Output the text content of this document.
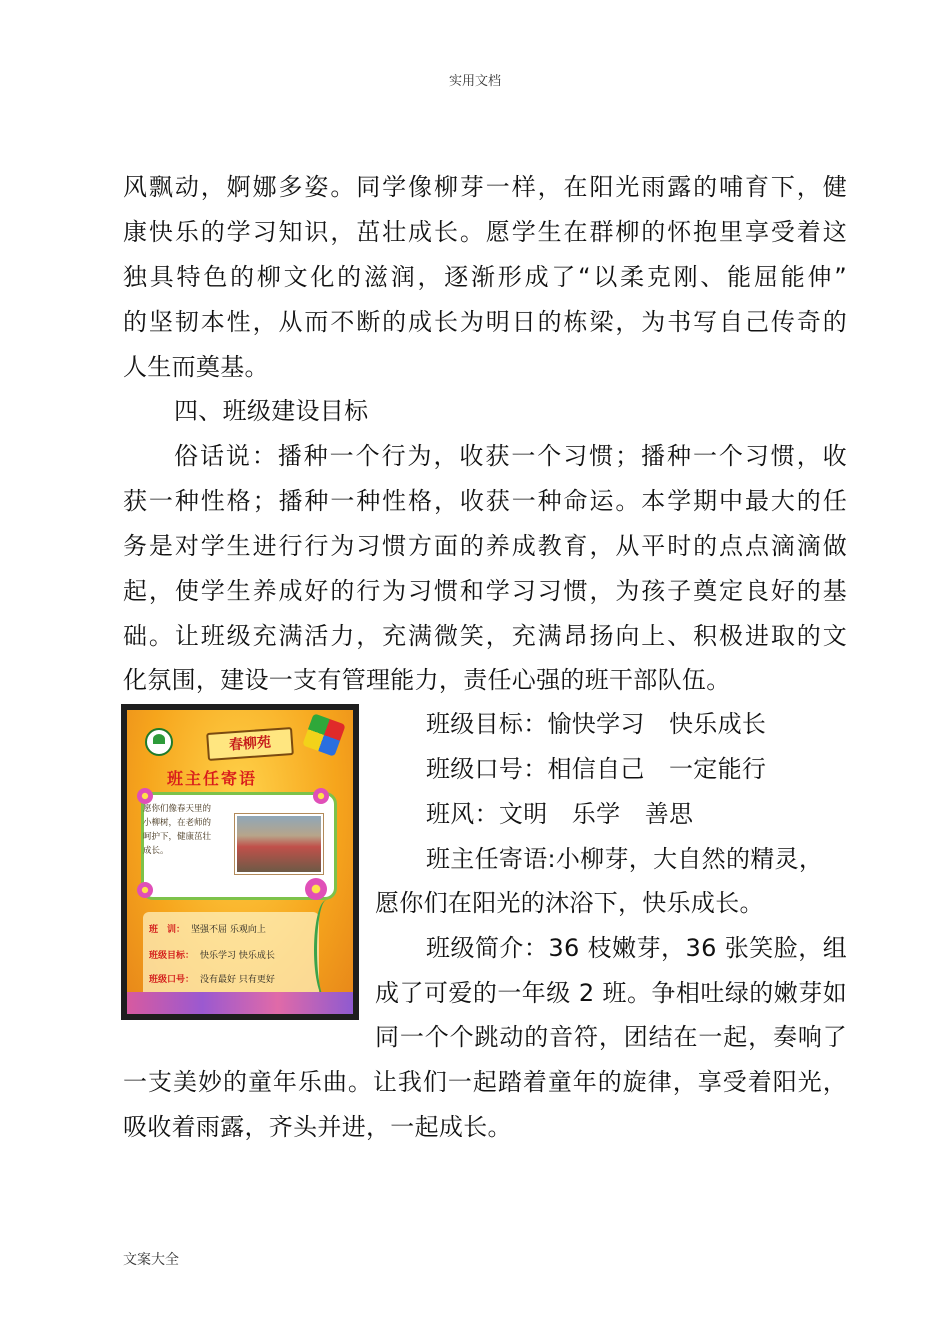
实用文档
风飘动，婀娜多姿。同学像柳芽一样，在阳光雨露的哺育下，健
康快乐的学习知识，茁壮成长。愿学生在群柳的怀抱里享受着这
独具特色的柳文化的滋润，逐渐形成了“以柔克刚、能屈能伸”
的坚韧本性，从而不断的成长为明日的栋梁，为书写自己传奇的
人生而奠基。
四、班级建设目标
俗话说：播种一个行为，收获一个习惯；播种一个习惯，收
获一种性格；播种一种性格，收获一种命运。本学期中最大的任
务是对学生进行行为习惯方面的养成教育，从平时的点点滴滴做
起，使学生养成好的行为习惯和学习习惯，为孩子奠定良好的基
础。让班级充满活力，充满微笑，充满昂扬向上、积极进取的文
化氛围，建设一支有管理能力，责任心强的班干部队伍。
春柳苑
班主任寄语
愿你们像春天里的小柳树，在老师的呵护下，健康茁壮成长。
班　训： 坚强不屈 乐观向上
班级目标： 快乐学习 快乐成长
班级口号： 没有最好 只有更好
班级目标：愉快学习　快乐成长
班级口号：相信自己　一定能行
班风：文明　乐学　善思
班主任寄语:小柳芽，大自然的精灵，
愿你们在阳光的沐浴下，快乐成长。
班级简介：36 枝嫩芽，36 张笑脸，组
成了可爱的一年级 2 班。争相吐绿的嫩芽如
同一个个跳动的音符，团结在一起，奏响了
一支美妙的童年乐曲。让我们一起踏着童年的旋律，享受着阳光，
吸收着雨露，齐头并进，一起成长。
文案大全
